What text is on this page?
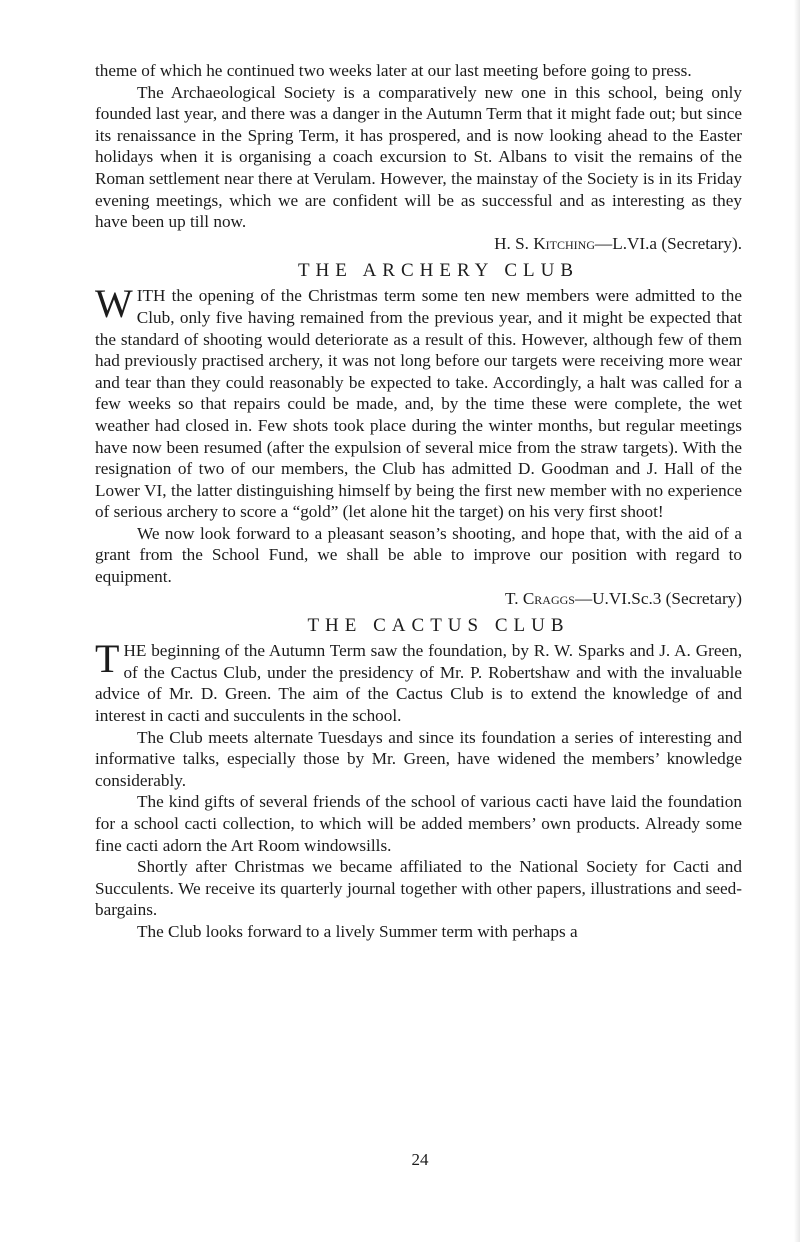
theme of which he continued two weeks later at our last meeting before going to press.

The Archaeological Society is a comparatively new one in this school, being only founded last year, and there was a danger in the Autumn Term that it might fade out; but since its renaissance in the Spring Term, it has prospered, and is now looking ahead to the Easter holidays when it is organising a coach excursion to St. Albans to visit the remains of the Roman settlement near there at Verulam. However, the mainstay of the Society is in its Friday evening meetings, which we are confident will be as successful and as interesting as they have been up till now.

H. S. Kitching—L.VI.a (Secretary).

THE ARCHERY CLUB

WITH the opening of the Christmas term some ten new members were admitted to the Club, only five having remained from the previous year, and it might be expected that the standard of shooting would deteriorate as a result of this. However, although few of them had previously practised archery, it was not long before our targets were receiving more wear and tear than they could reasonably be expected to take. Accordingly, a halt was called for a few weeks so that repairs could be made, and, by the time these were complete, the wet weather had closed in. Few shots took place during the winter months, but regular meetings have now been resumed (after the expulsion of several mice from the straw targets). With the resignation of two of our members, the Club has admitted D. Goodman and J. Hall of the Lower VI, the latter distinguishing himself by being the first new member with no experience of serious archery to score a “gold” (let alone hit the target) on his very first shoot!

We now look forward to a pleasant season’s shooting, and hope that, with the aid of a grant from the School Fund, we shall be able to improve our position with regard to equipment.

T. Craggs—U.VI.Sc.3 (Secretary)

THE CACTUS CLUB

THE beginning of the Autumn Term saw the foundation, by R. W. Sparks and J. A. Green, of the Cactus Club, under the presidency of Mr. P. Robertshaw and with the invaluable advice of Mr. D. Green. The aim of the Cactus Club is to extend the knowledge of and interest in cacti and succulents in the school.

The Club meets alternate Tuesdays and since its foundation a series of interesting and informative talks, especially those by Mr. Green, have widened the members’ knowledge considerably.

The kind gifts of several friends of the school of various cacti have laid the foundation for a school cacti collection, to which will be added members’ own products. Already some fine cacti adorn the Art Room windowsills.

Shortly after Christmas we became affiliated to the National Society for Cacti and Succulents. We receive its quarterly journal together with other papers, illustrations and seed-bargains.

The Club looks forward to a lively Summer term with perhaps a

24
